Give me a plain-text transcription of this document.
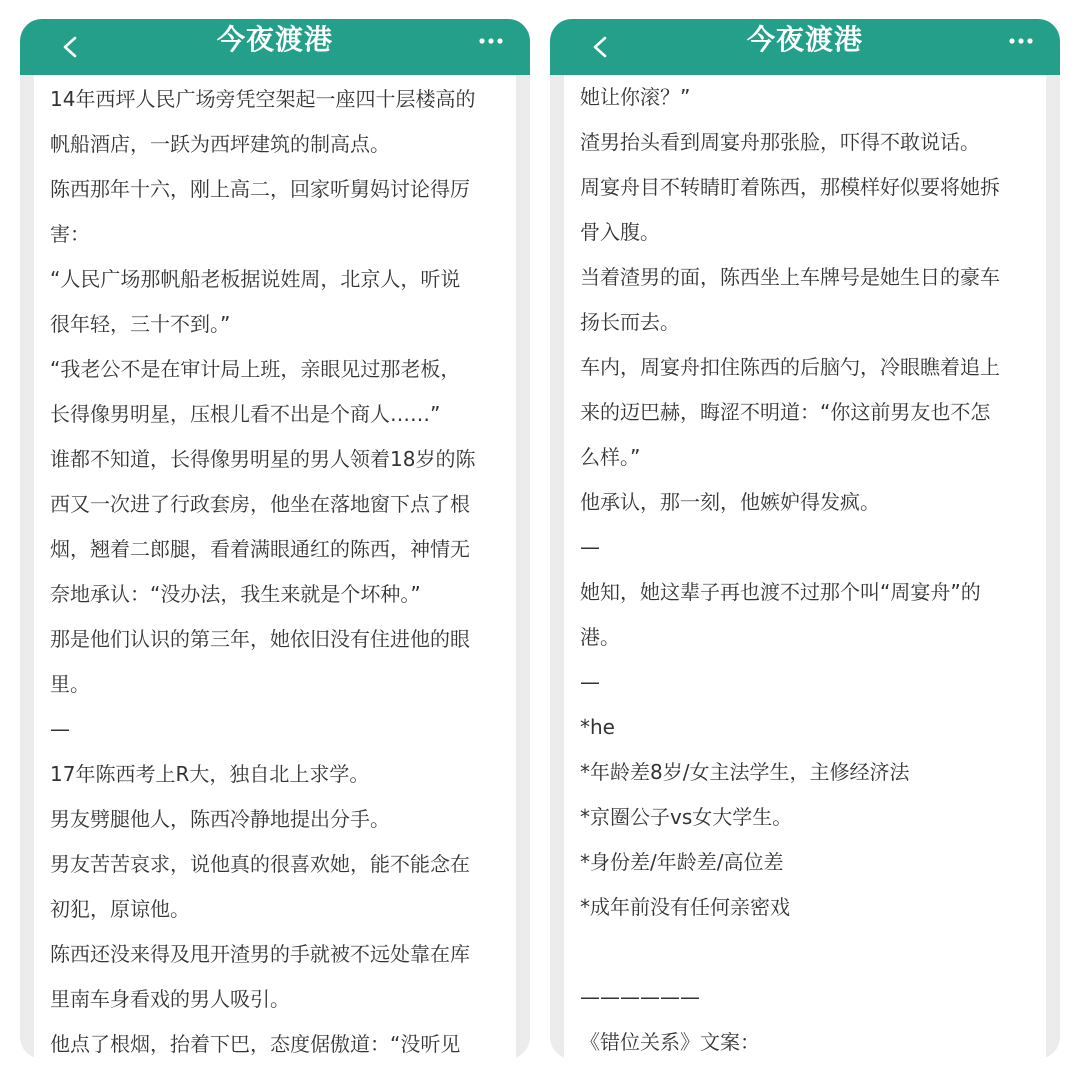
今夜渡港

14年西坪人民广场旁凭空架起一座四十层楼高的
帆船酒店，一跃为西坪建筑的制高点。

陈西那年十六，刚上高二，回家听舅妈讨论得厉
害：

“人民广场那帆船老板据说姓周，北京人，听说
很年轻，三十不到。”

“我老公不是在审计局上班，亲眼见过那老板，
长得像男明星，压根儿看不出是个商人……”

谁都不知道，长得像男明星的男人领着18岁的陈
西又一次进了行政套房，他坐在落地窗下点了根
烟，翘着二郎腿，看着满眼通红的陈西，神情无
奈地承认：“没办法，我生来就是个坏种。”

那是他们认识的第三年，她依旧没有住进他的眼
里。

—

17年陈西考上R大，独自北上求学。

男友劈腿他人，陈西冷静地提出分手。

男友苦苦哀求，说他真的很喜欢她，能不能念在
初犯，原谅他。

陈西还没来得及甩开渣男的手就被不远处靠在库
里南车身看戏的男人吸引。

他点了根烟，抬着下巴，态度倨傲道：“没听见

今夜渡港

她让你滚？”

渣男抬头看到周宴舟那张脸，吓得不敢说话。

周宴舟目不转睛盯着陈西，那模样好似要将她拆
骨入腹。

当着渣男的面，陈西坐上车牌号是她生日的豪车
扬长而去。

车内，周宴舟扣住陈西的后脑勺，冷眼瞧着追上
来的迈巴赫，晦涩不明道：“你这前男友也不怎
么样。”

他承认，那一刻，他嫉妒得发疯。

—

她知，她这辈子再也渡不过那个叫“周宴舟”的
港。

—

*he

*年龄差8岁/女主法学生，主修经济法

*京圈公子vs女大学生。

*身份差/年龄差/高位差

*成年前没有任何亲密戏

——————

《错位关系》文案：
